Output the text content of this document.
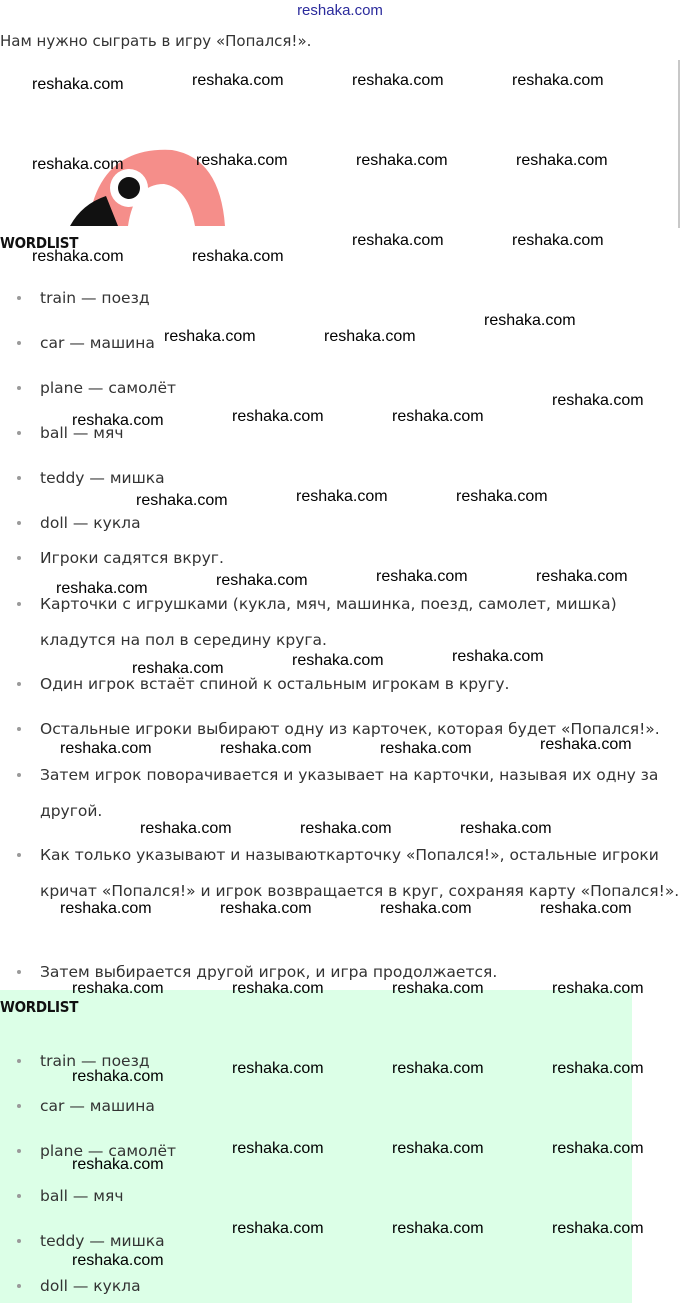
reshaka.com
Нам нужно сыграть в игру «Попался!».
WORDLIST
train — поезд
car — машина
plane — самолёт
ball — мяч
teddy — мишка
doll — кукла
Игроки садятся вкруг.
Карточки с игрушками (кукла, мяч, машинка, поезд, самолет, мишка) кладутся на пол в середину круга.
Один игрок встаёт спиной к остальным игрокам в кругу.
Остальные игроки выбирают одну из карточек, которая будет «Попался!».
Затем игрок поворачивается и указывает на карточки, называя их одну за другой.
Как только указывают и называюткарточку «Попался!», остальные игроки кричат «Попался!» и игрок возвращается в круг, сохраняя карту «Попался!».
Затем выбирается другой игрок, и игра продолжается.
WORDLIST
train — поезд
car — машина
plane — самолёт
ball — мяч
teddy — мишка
doll — кукла
reshaka.com	reshaka.com	reshaka.com	reshaka.com
reshaka.com	reshaka.com	reshaka.com	reshaka.com
reshaka.com	reshaka.com
reshaka.com	reshaka.com
reshaka.com
reshaka.com	reshaka.com
reshaka.com
reshaka.com	reshaka.com	reshaka.com
reshaka.com	reshaka.com	reshaka.com
reshaka.com	reshaka.com	reshaka.com	reshaka.com
reshaka.com	reshaka.com	reshaka.com
reshaka.com
reshaka.com	reshaka.com	reshaka.com
reshaka.com	reshaka.com	reshaka.com
reshaka.com	reshaka.com	reshaka.com	reshaka.com
reshaka.com	reshaka.com	reshaka.com	reshaka.com
reshaka.com	reshaka.com	reshaka.com
reshaka.com
reshaka.com	reshaka.com	reshaka.com
reshaka.com
reshaka.com	reshaka.com	reshaka.com
reshaka.com
